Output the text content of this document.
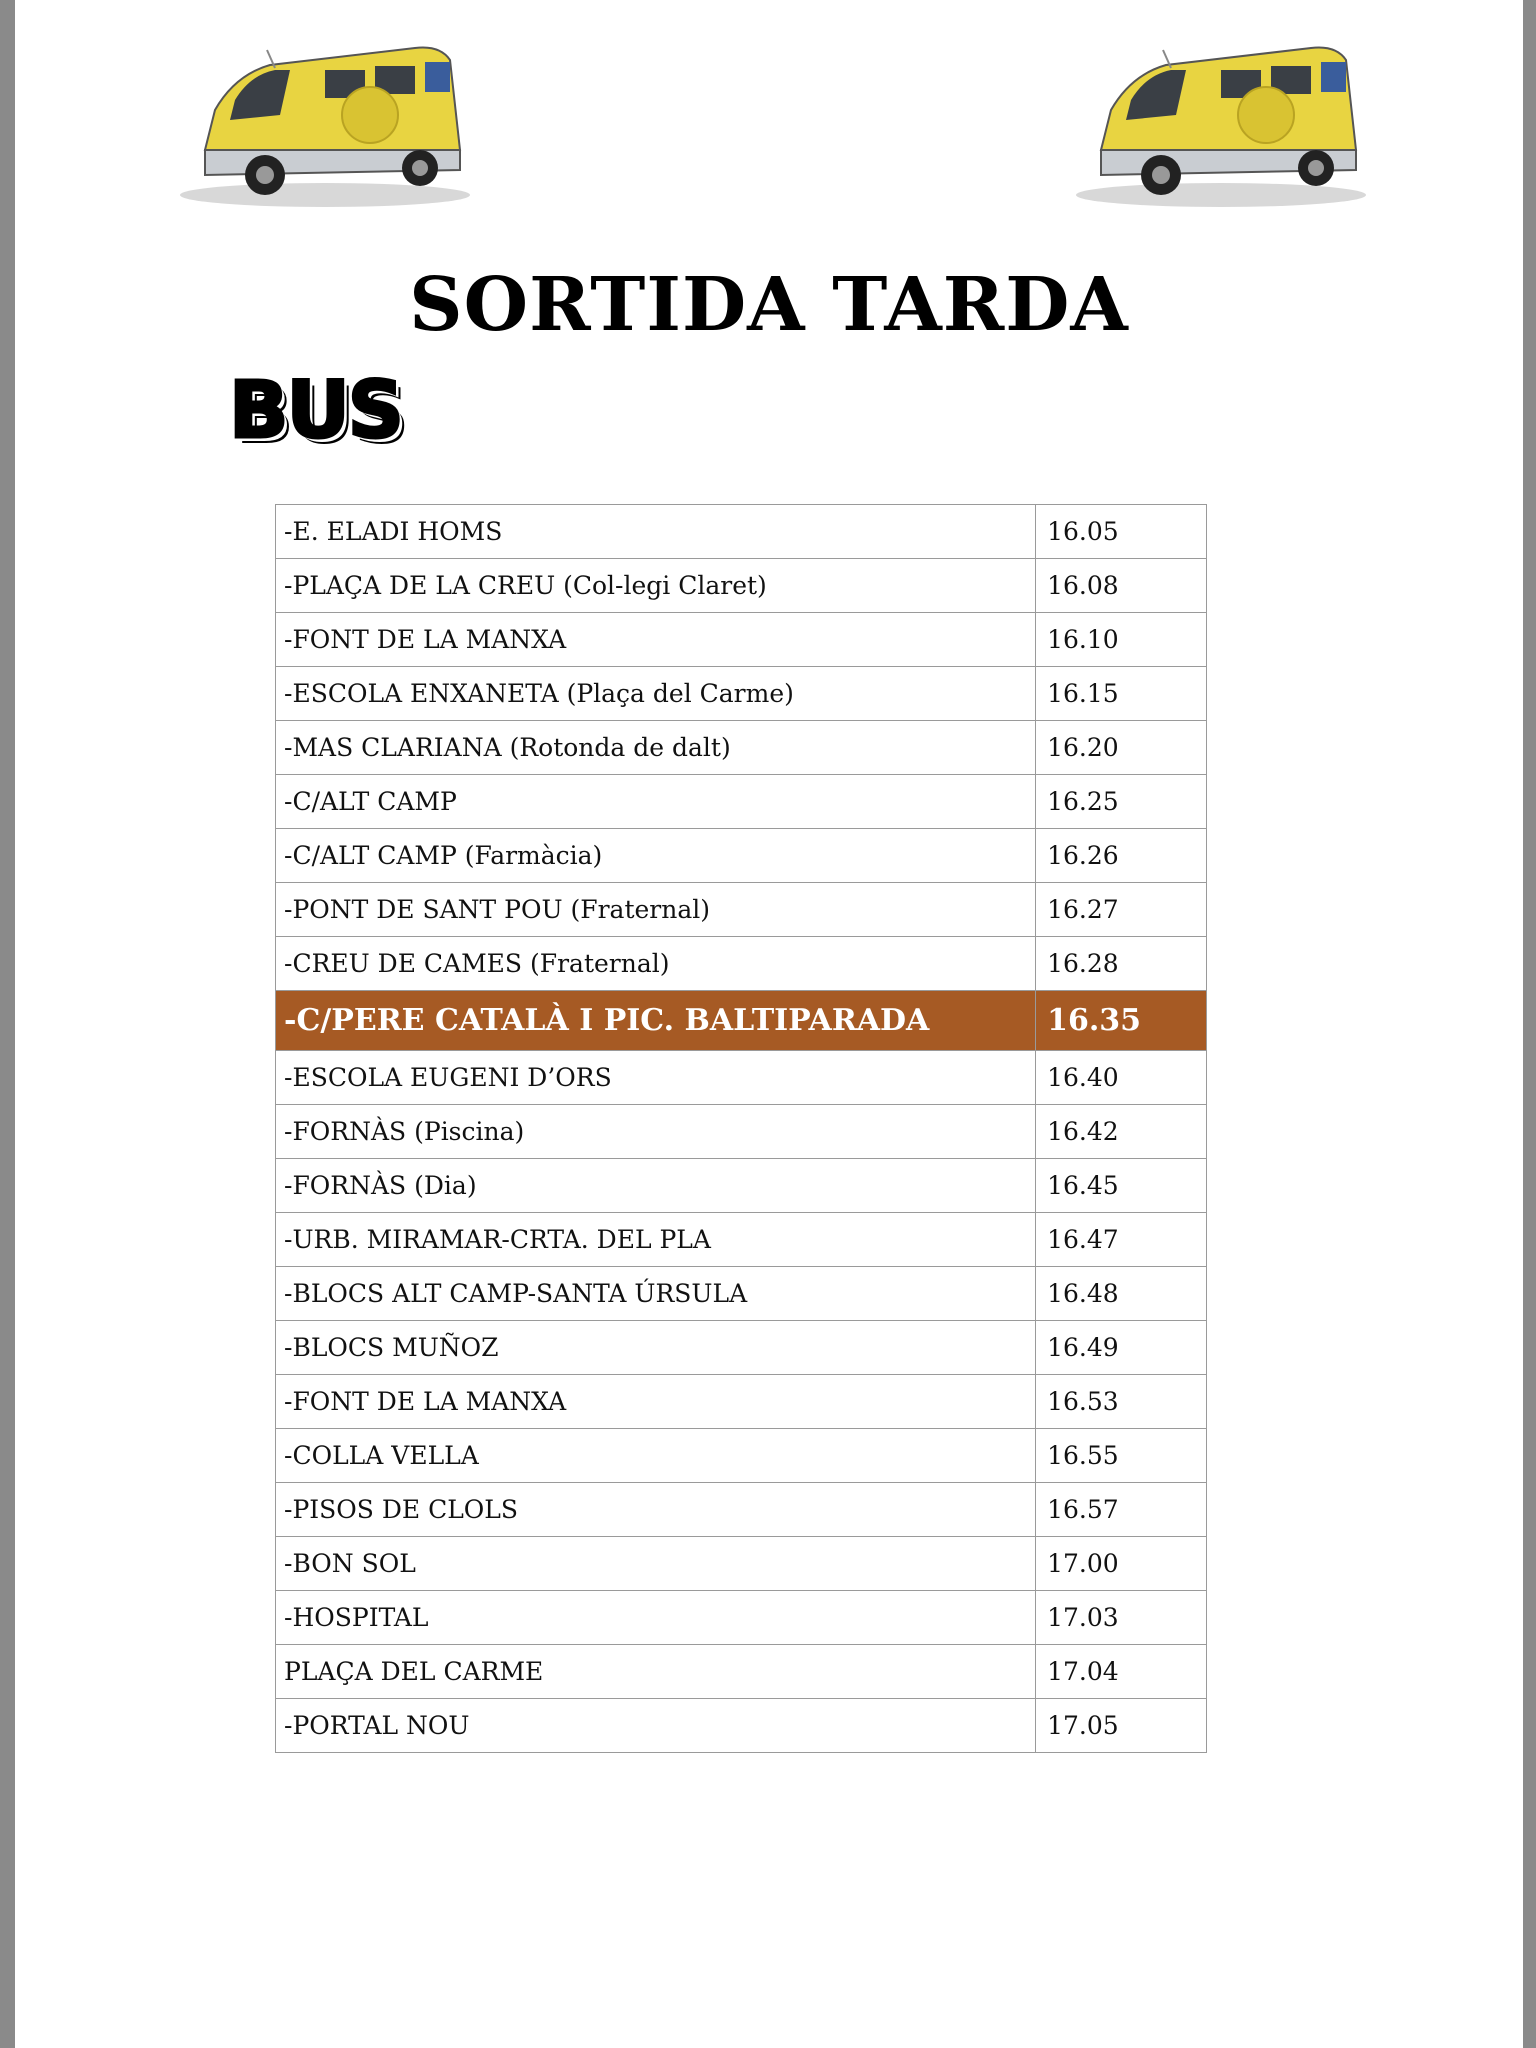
SORTIDA TARDA
BUS
-E. ELADI HOMS	16.05
-PLAÇA DE LA CREU (Col-legi Claret)	16.08
-FONT DE LA MANXA	16.10
-ESCOLA ENXANETA (Plaça del Carme)	16.15
-MAS CLARIANA (Rotonda de dalt)	16.20
-C/ALT CAMP	16.25
-C/ALT CAMP (Farmàcia)	16.26
-PONT DE SANT POU (Fraternal)	16.27
-CREU DE CAMES (Fraternal)	16.28
-C/PERE CATALÀ I PIC. BALTIPARADA	16.35
-ESCOLA EUGENI D’ORS	16.40
-FORNÀS (Piscina)	16.42
-FORNÀS (Dia)	16.45
-URB. MIRAMAR-CRTA. DEL PLA	16.47
-BLOCS ALT CAMP-SANTA ÚRSULA	16.48
-BLOCS MUÑOZ	16.49
-FONT DE LA MANXA	16.53
-COLLA VELLA	16.55
-PISOS DE CLOLS	16.57
-BON SOL	17.00
-HOSPITAL	17.03
PLAÇA DEL CARME	17.04
-PORTAL NOU	17.05
